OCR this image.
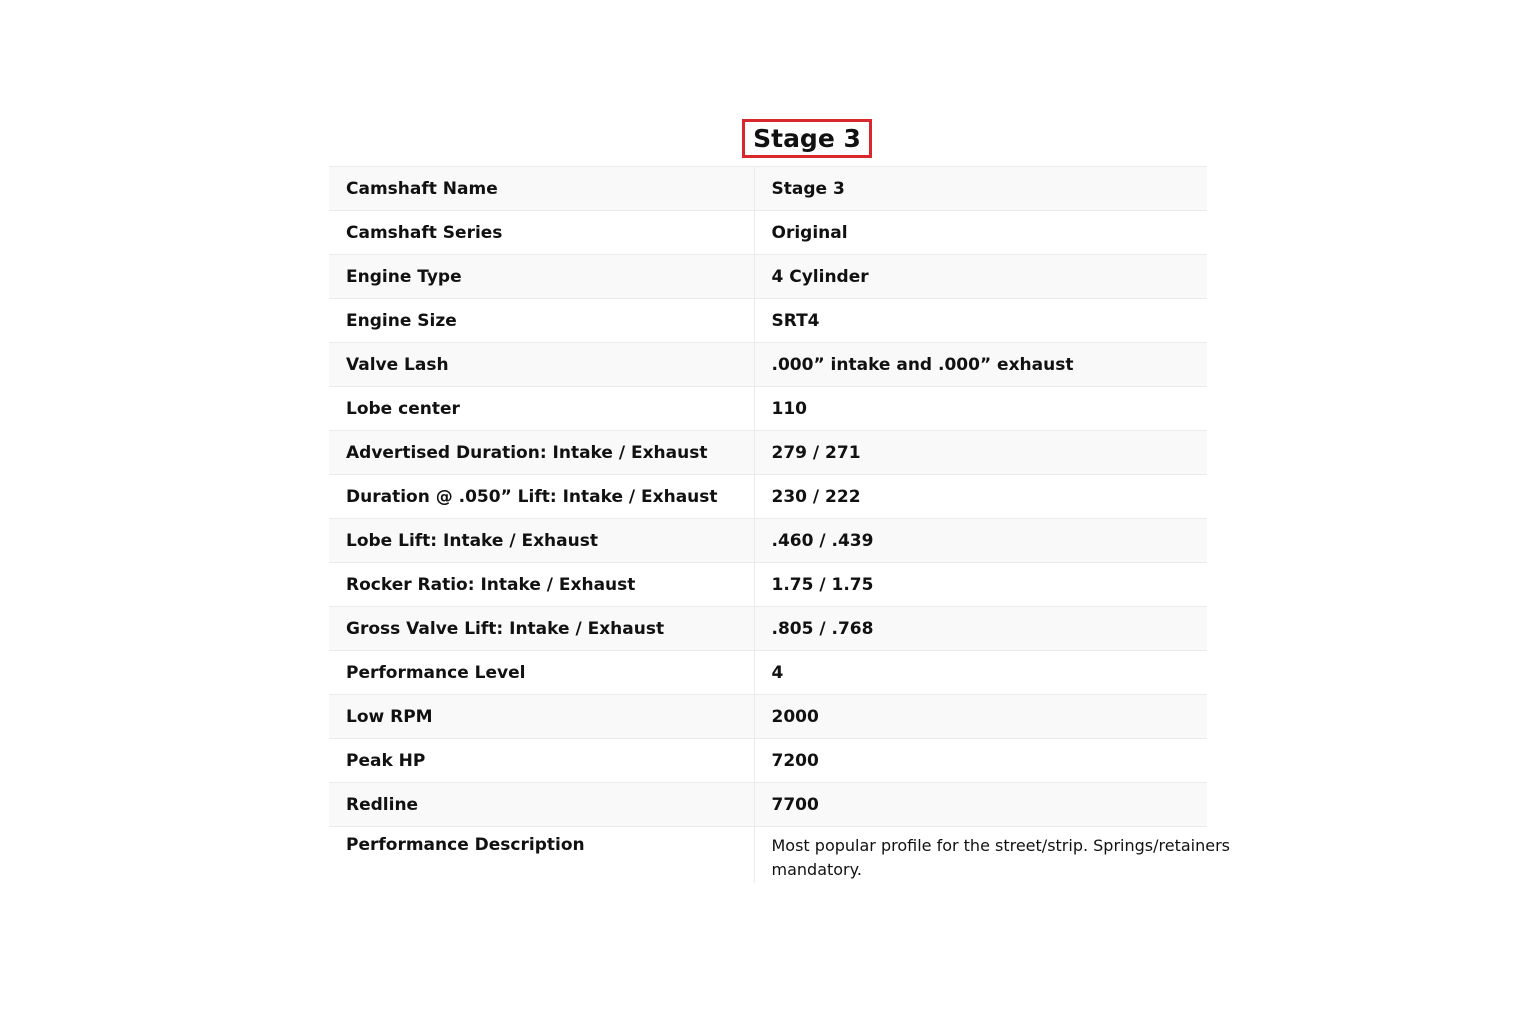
Stage 3
Camshaft Name	Stage 3
Camshaft Series	Original
Engine Type	4 Cylinder
Engine Size	SRT4
Valve Lash	.000” intake and .000” exhaust
Lobe center	110
Advertised Duration: Intake / Exhaust	279 / 271
Duration @ .050” Lift: Intake / Exhaust	230 / 222
Lobe Lift: Intake / Exhaust	.460 / .439
Rocker Ratio: Intake / Exhaust	1.75 / 1.75
Gross Valve Lift: Intake / Exhaust	.805 / .768
Performance Level	4
Low RPM	2000
Peak HP	7200
Redline	7700
Performance Description	Most popular profile for the street/strip. Springs/retainers mandatory.
